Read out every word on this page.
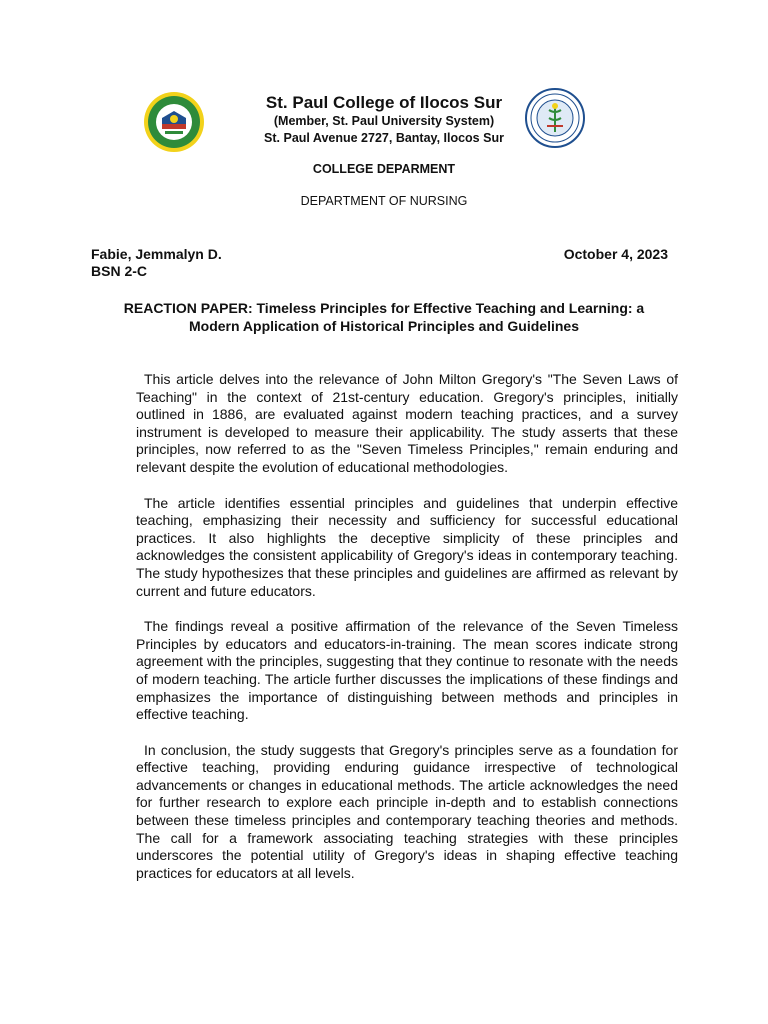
St. Paul College of Ilocos Sur
(Member, St. Paul University System)
St. Paul Avenue 2727, Bantay, Ilocos Sur
COLLEGE DEPARMENT
DEPARTMENT OF NURSING
Fabie, Jemmalyn D.
BSN 2-C
October 4, 2023
REACTION PAPER: Timeless Principles for Effective Teaching and Learning: a
Modern Application of Historical Principles and Guidelines

This article delves into the relevance of John Milton Gregory's "The Seven Laws of Teaching" in the context of 21st-century education. Gregory's principles, initially outlined in 1886, are evaluated against modern teaching practices, and a survey instrument is developed to measure their applicability. The study asserts that these principles, now referred to as the "Seven Timeless Principles," remain enduring and relevant despite the evolution of educational methodologies.

The article identifies essential principles and guidelines that underpin effective teaching, emphasizing their necessity and sufficiency for successful educational practices. It also highlights the deceptive simplicity of these principles and acknowledges the consistent applicability of Gregory's ideas in contemporary teaching. The study hypothesizes that these principles and guidelines are affirmed as relevant by current and future educators.

The findings reveal a positive affirmation of the relevance of the Seven Timeless Principles by educators and educators-in-training. The mean scores indicate strong agreement with the principles, suggesting that they continue to resonate with the needs of modern teaching. The article further discusses the implications of these findings and emphasizes the importance of distinguishing between methods and principles in effective teaching.

In conclusion, the study suggests that Gregory's principles serve as a foundation for effective teaching, providing enduring guidance irrespective of technological advancements or changes in educational methods. The article acknowledges the need for further research to explore each principle in-depth and to establish connections between these timeless principles and contemporary teaching theories and methods. The call for a framework associating teaching strategies with these principles underscores the potential utility of Gregory's ideas in shaping effective teaching practices for educators at all levels.
